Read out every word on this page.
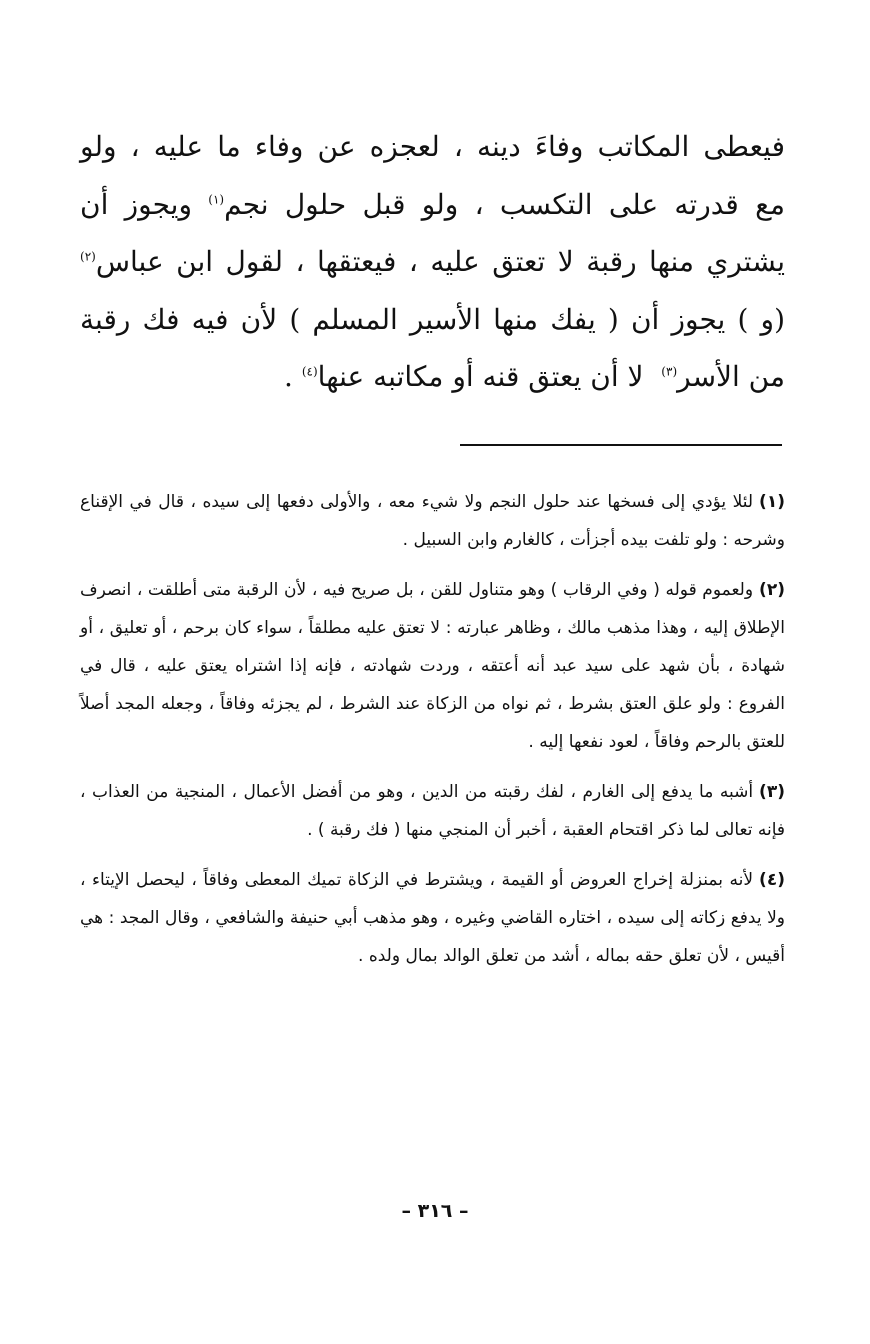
فيعطى المكاتب وفاءَ دينه ، لعجزه عن وفاء ما عليه ، ولو
مع قدرته على التكسب ، ولو قبل حلول نجم$^{(١)}$ ويجوز أن
يشتري منها رقبة لا تعتق عليه ، فيعتقها ، لقول ابن عباس$^{(٢)}$
(و ) يجوز أن ( يفك منها الأسير المسلم ) لأن فيه فك رقبة
من الأسر$^{(٣)}$  لا أن يعتق قنه أو مكاتبه عنها$^{(٤)}$ .

(١)لئلا يؤدي إلى فسخها عند حلول النجم ولا شيء معه ، والأولى دفعها إلى سيده ، قال في الإقناع وشرحه : ولو تلفت بيده أجزأت ، كالغارم وابن السبيل .

(٢)ولعموم قوله ( وفي الرقاب ) وهو متناول للقن ، بل صريح فيه ، لأن الرقبة متى أطلقت ، انصرف الإطلاق إليه ، وهذا مذهب مالك ، وظاهر عبارته : لا تعتق عليه مطلقاً ، سواء كان برحم ، أو تعليق ، أو شهادة ، بأن شهد على سيد عبد أنه أعتقه ، وردت شهادته ، فإنه إذا اشتراه يعتق عليه ، قال في الفروع : ولو علق العتق بشرط ، ثم نواه من الزكاة عند الشرط ، لم يجزئه وفاقاً ، وجعله المجد أصلاً للعتق بالرحم وفاقاً ، لعود نفعها إليه .

(٣)أشبه ما يدفع إلى الغارم ، لفك رقبته من الدين ، وهو من أفضل الأعمال ، المنجية من العذاب ، فإنه تعالى لما ذكر اقتحام العقبة ، أخبر أن المنجي منها ( فك رقبة ) .

(٤)لأنه بمنزلة إخراج العروض أو القيمة ، ويشترط في الزكاة تميك المعطى وفاقاً ، ليحصل الإيتاء ، ولا يدفع زكاته إلى سيده ، اختاره القاضي وغيره ، وهو مذهب أبي حنيفة والشافعي ، وقال المجد : هي أقيس ، لأن تعلق حقه بماله ، أشد من تعلق الوالد بمال ولده .

– ٣١٦ –
